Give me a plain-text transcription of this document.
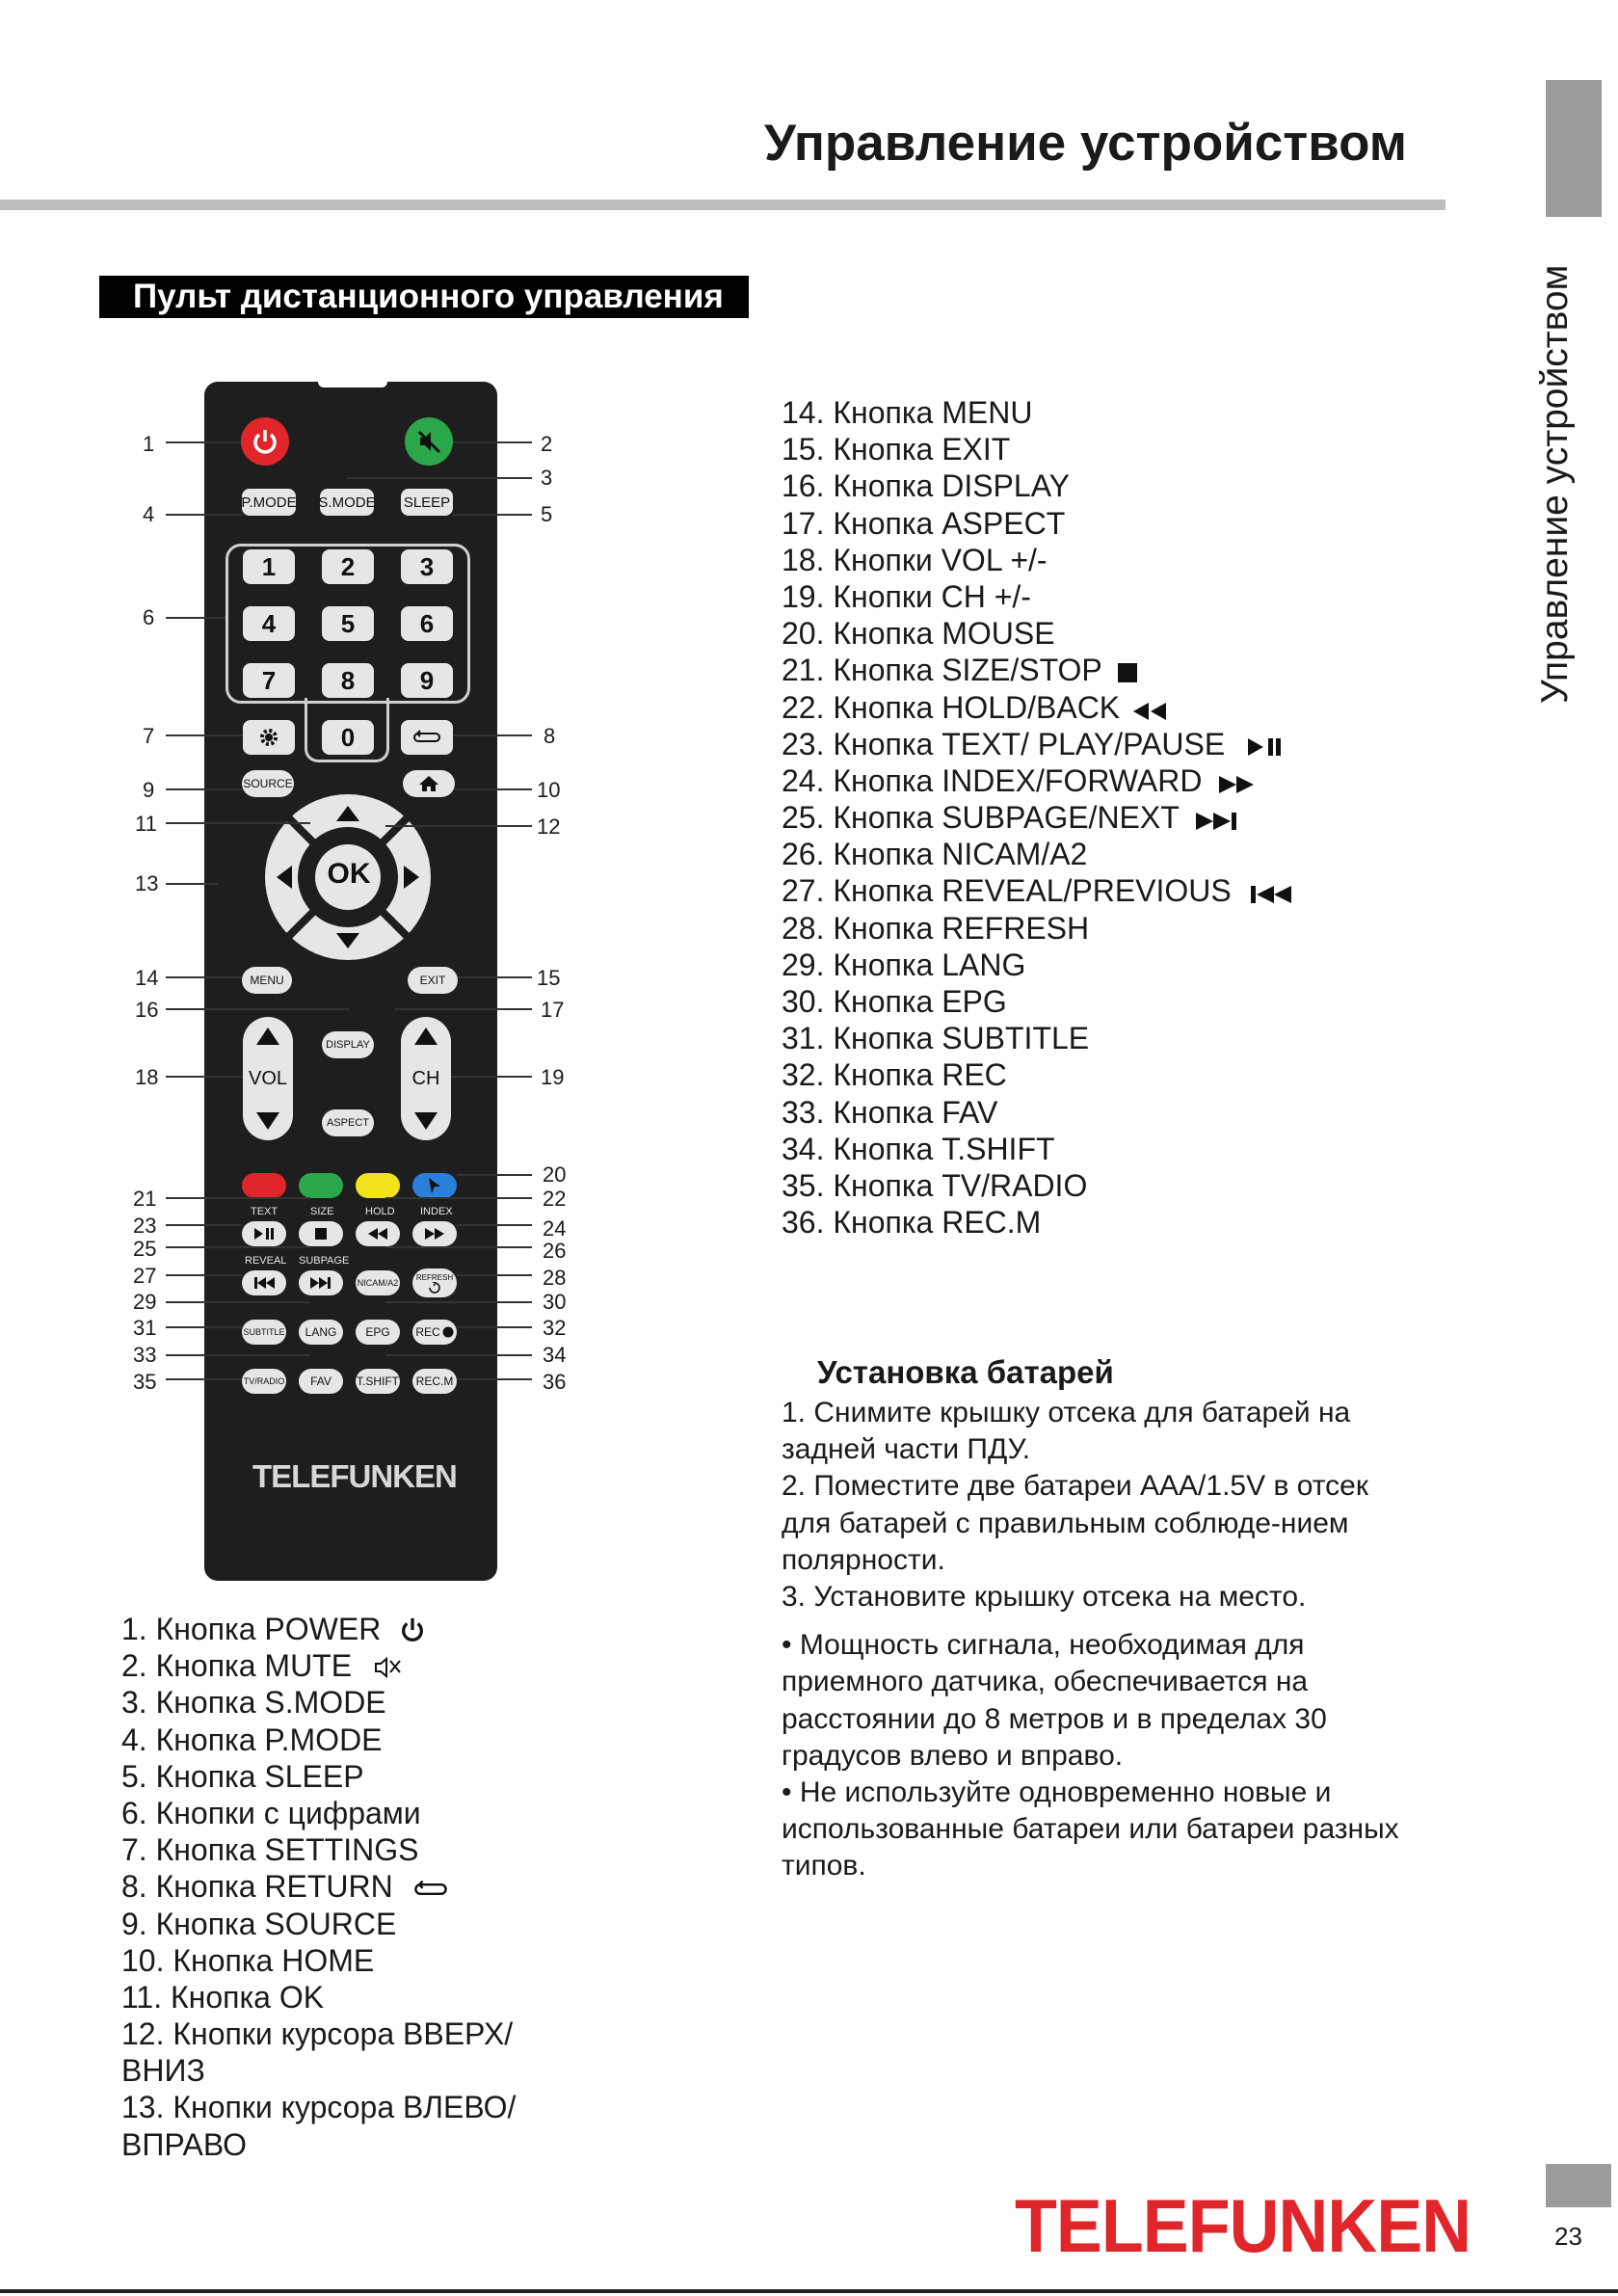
Управление устройством
Управление устройством
Пульт дистанционного управления
P.MODE S.MODE SLEEP
1	2	3
4	5	6
7	8	9
0
SOURCE
OK
MENU	EXIT
VOL	CH
DISPLAY
ASPECT
TEXT	SIZE	HOLD INDEX
REVEAL SUBPAGE
NICAM/A2
REFRESH
SUBTITLE	LANG	EPG	REC
TV/RADIO	FAV	T.SHIFT	REC.M
TELEFUNKEN
1	2
3
4	5
6
7	8
9	10
11	12
13
14	15
16	17
18	19
20
21	22
23	24
25	26
27	28
29	30
31	32
33	34
35	36
1. Кнопка POWER
2. Кнопка MUTE
3. Кнопка S.MODE
4. Кнопка P.MODE
5. Кнопка SLEEP
6. Кнопки с цифрами
7. Кнопка SETTINGS
8. Кнопка RETURN
9. Кнопка SOURCE
10. Кнопка HOME
11. Кнопка OK
12. Кнопки курсора ВВЕРХ/
ВНИЗ
13. Кнопки курсора ВЛЕВО/
ВПРАВО
14. Кнопка MENU
15. Кнопка EXIT
16. Кнопка DISPLAY
17. Кнопка ASPECT
18. Кнопки VOL +/-
19. Кнопки CH +/-
20. Кнопка MOUSE
21. Кнопка SIZE/STOP
22. Кнопка HOLD/BACK
23. Кнопка TEXT/ PLAY/PAUSE
24. Кнопка INDEX/FORWARD
25. Кнопка SUBPAGE/NEXT
26. Кнопка NICAM/A2
27. Кнопка REVEAL/PREVIOUS
28. Кнопка REFRESH
29. Кнопка LANG
30. Кнопка EPG
31. Кнопка SUBTITLE
32. Кнопка REC
33. Кнопка FAV
34. Кнопка T.SHIFT
35. Кнопка TV/RADIO
36. Кнопка REC.M
Установка батарей

1. Снимите крышку отсека для батарей на задней части ПДУ.

2. Поместите две батареи AAA/1.5V в отсек для батарей с правильным соблюде-нием полярности.

3. Установите крышку отсека на место.

• Мощность сигнала, необходимая для приемного датчика, обеспечивается на расстоянии до 8 метров и в пределах 30 градусов влево и вправо.

• Не используйте одновременно новые и использованные батареи или батареи разных типов.

TELEFUNKEN	23
